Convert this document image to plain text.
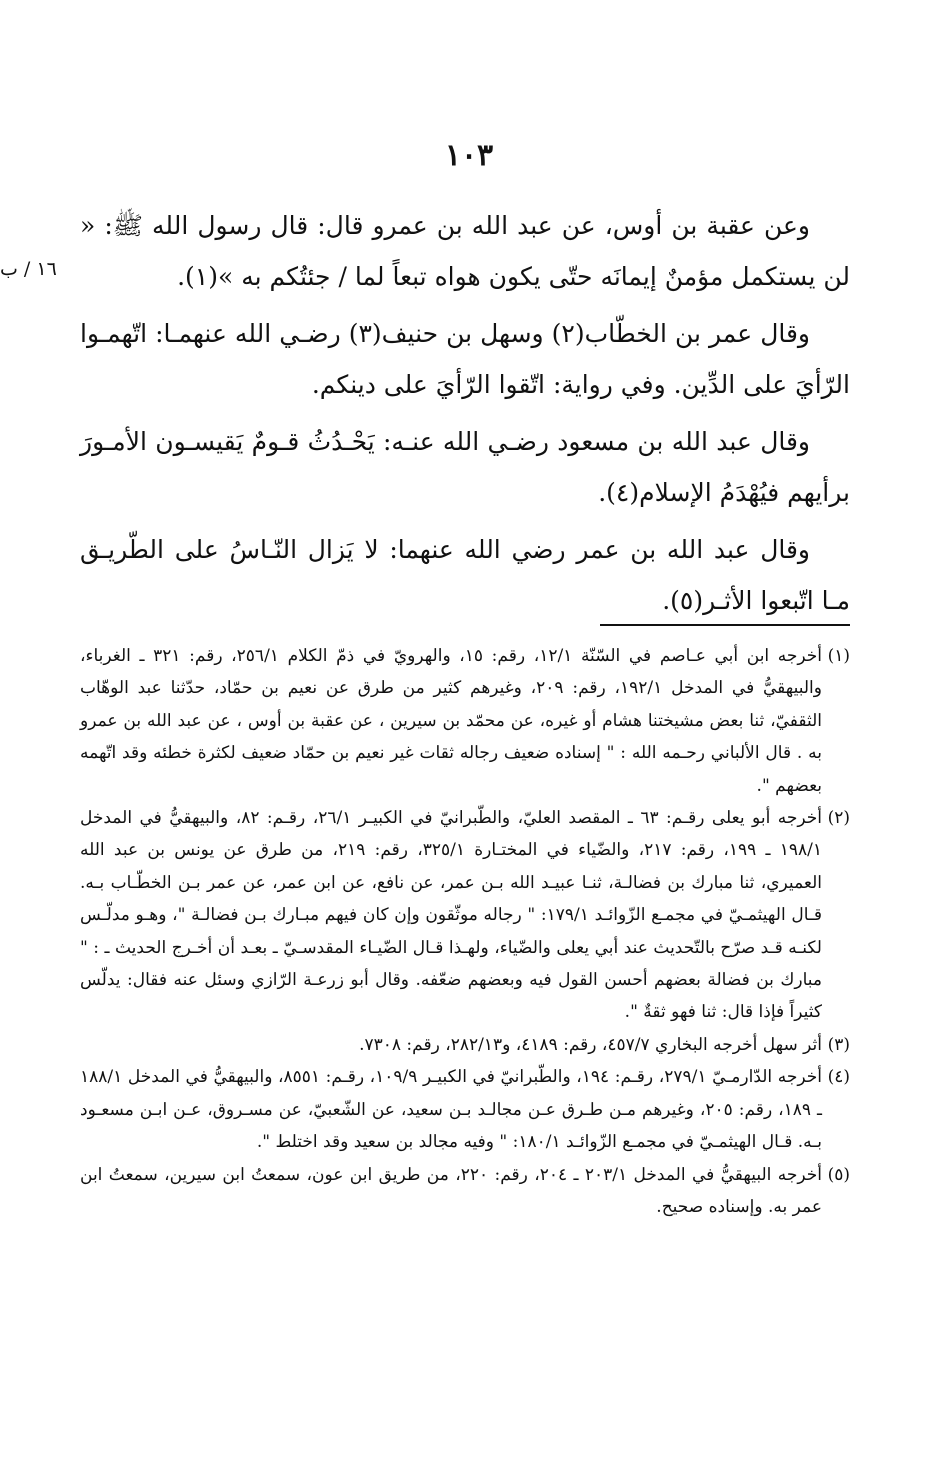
١٠٣
١٦ / ب

وعن عقبة بن أوس، عن عبد الله بن عمرو قال: قال رسول الله ﷺ: « لن يستكمل مؤمنٌ إيمانَه حتّى يكون هواه تبعاً لما / جئتُكم به »(١).

وقال عمر بن الخطّاب(٢) وسهل بن حنيف(٣) رضـي الله عنهمـا: اتّهمـوا الرّأيَ على الدِّين. وفي رواية: اتّقوا الرّأيَ على دينكم.

وقال عبد الله بن مسعود رضـي الله عنـه: يَحْـدُثُ قـومٌ يَقيسـون الأمـورَ برأيهم فيُهْدَمُ الإسلام(٤).

وقال عبد الله بن عمر رضي الله عنهما: لا يَزال النّـاسُ على الطّريـق مـا اتّبعوا الأثـر(٥).

(١)أخرجه ابن أبي عـاصم في السّنّة ١٢/١، رقم: ١٥، والهرويّ في ذمّ الكلام ٢٥٦/١، رقم: ٣٢١ ـ الغرباء، والبيهقيُّ في المدخل ١٩٢/١، رقم: ٢٠٩، وغيرهم كثير من طرق عن نعيم بن حمّاد، حدّثنا عبد الوهّاب الثقفيّ، ثنا بعض مشيختنا هشام أو غيره، عن محمّد بن سيرين ، عن عقبة بن أوس ، عن عبد الله بن عمرو به . قال الألباني رحـمه الله : " إسناده ضعيف رجاله ثقات غير نعيم بن حمّاد ضعيف لكثرة خطئه وقد اتّهمه بعضهم ".
(٢)أخرجه أبو يعلى رقـم: ٦٣ ـ المقصد العليّ، والطّبرانيّ في الكبيـر ٢٦/١، رقـم: ٨٢، والبيهقيُّ في المدخل ١٩٨/١ ـ ١٩٩، رقم: ٢١٧، والضّياء في المختـارة ٣٢٥/١، رقم: ٢١٩، من طرق عن يونس بن عبد الله العميري، ثنا مبارك بن فضالـة، ثنـا عبيـد الله بـن عمر، عن نافع، عن ابن عمر، عن عمر بـن الخطّـاب بـه. قـال الهيثمـيّ في مجمـع الزّوائـد ١٧٩/١: " رجاله موثّقون وإن كان فيهم مبـارك بـن فضالـة "، وهـو مدلّـس لكنـه قـد صرّح بالتّحديث عند أبي يعلى والضّياء، ولهـذا قـال الضّيـاء المقدسـيّ ـ بعـد أن أخـرج الحديث ـ : " مبارك بن فضالة بعضهم أحسن القول فيه وبعضهم ضعّفه. وقال أبو زرعـة الرّازي وسئل عنه فقال: يدلّس كثيراً فإذا قال: ثنا فهو ثقةٌ ".
(٣)أثر سهل أخرجه البخاري ٤٥٧/٧، رقم: ٤١٨٩، و٢٨٢/١٣، رقم: ٧٣٠٨.
(٤)أخرجه الدّارمـيّ ٢٧٩/١، رقـم: ١٩٤، والطّبرانيّ في الكبيـر ١٠٩/٩، رقـم: ٨٥٥١، والبيهقيُّ في المدخل ١٨٨/١ ـ ١٨٩، رقم: ٢٠٥، وغيرهم مـن طـرق عـن مجالـد بـن سعيد، عن الشّعبيّ، عن مسـروق، عـن ابـن مسعـود بـه. قـال الهيثمـيّ في مجمـع الزّوائـد ١٨٠/١: " وفيه مجالد بن سعيد وقد اختلط ".
(٥)أخرجه البيهقيُّ في المدخل ٢٠٣/١ ـ ٢٠٤، رقم: ٢٢٠، من طريق ابن عون، سمعتُ ابن سيرين، سمعتُ ابن عمر به. وإسناده صحيح.
